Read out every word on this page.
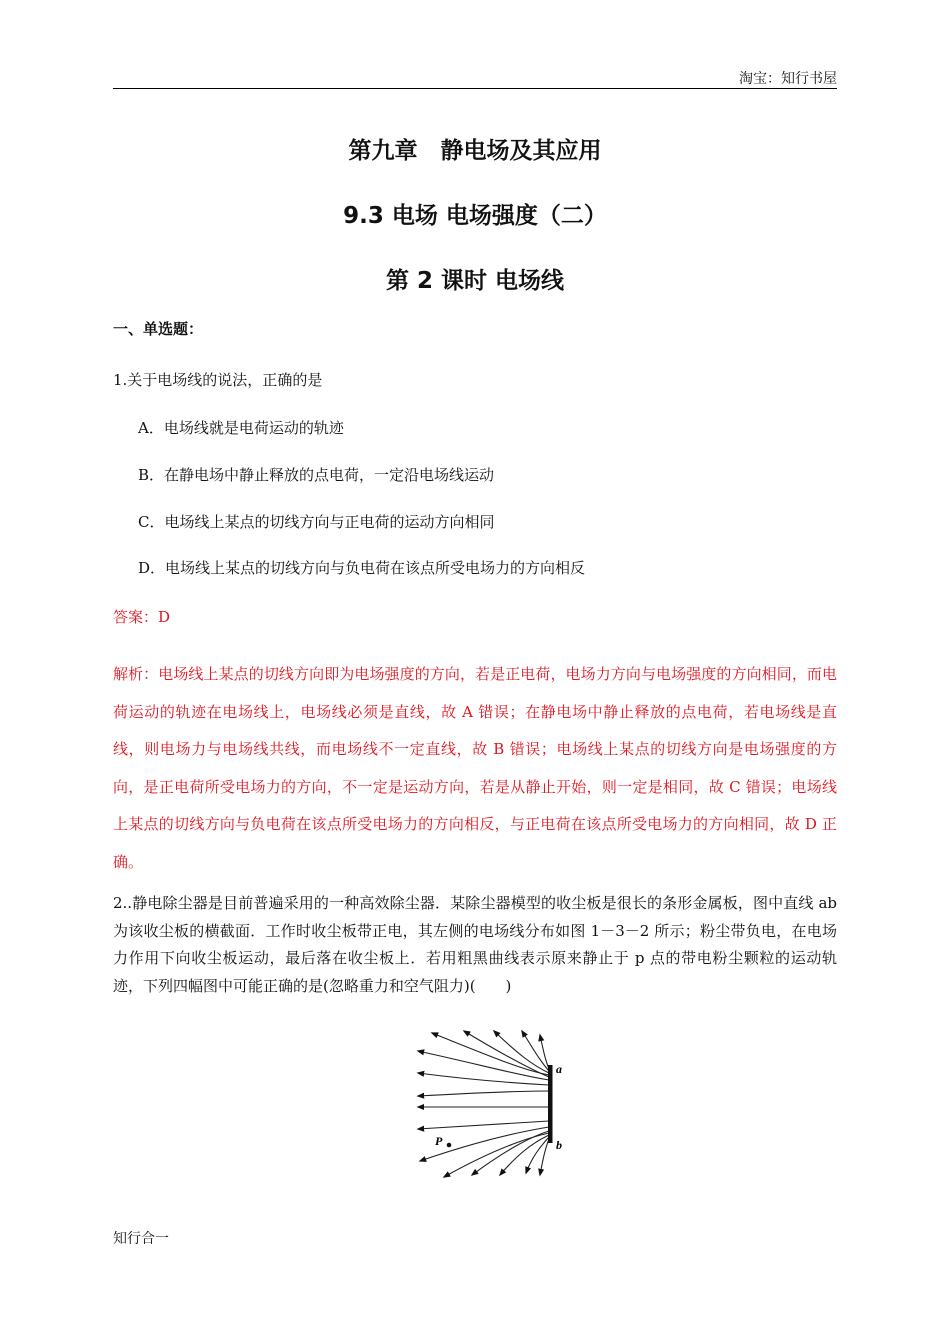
淘宝：知行书屋
第九章　静电场及其应用
9.3 电场 电场强度（二）
第 2 课时 电场线
一、单选题：
1.关于电场线的说法，正确的是
A．电场线就是电荷运动的轨迹
B．在静电场中静止释放的点电荷，一定沿电场线运动
C．电场线上某点的切线方向与正电荷的运动方向相同
D．电场线上某点的切线方向与负电荷在该点所受电场力的方向相反
答案：D
解析：电场线上某点的切线方向即为电场强度的方向，若是正电荷，电场力方向与电场强度的方向相同，而电荷运动的轨迹在电场线上，电场线必须是直线，故 A 错误；在静电场中静止释放的点电荷，若电场线是直线，则电场力与电场线共线，而电场线不一定直线，故 B 错误；电场线上某点的切线方向是电场强度的方向，是正电荷所受电场力的方向，不一定是运动方向，若是从静止开始，则一定是相同，故 C 错误；电场线上某点的切线方向与负电荷在该点所受电场力的方向相反，与正电荷在该点所受电场力的方向相同，故 D 正确。
2..静电除尘器是目前普遍采用的一种高效除尘器．某除尘器模型的收尘板是很长的条形金属板，图中直线 ab 为该收尘板的横截面．工作时收尘板带正电，其左侧的电场线分布如图 1－3－2 所示；粉尘带负电，在电场力作用下向收尘板运动，最后落在收尘板上．若用粗黑曲线表示原来静止于 p 点的带电粉尘颗粒的运动轨迹，下列四幅图中可能正确的是(忽略重力和空气阻力)(　　)
a
b
P
知行合一
